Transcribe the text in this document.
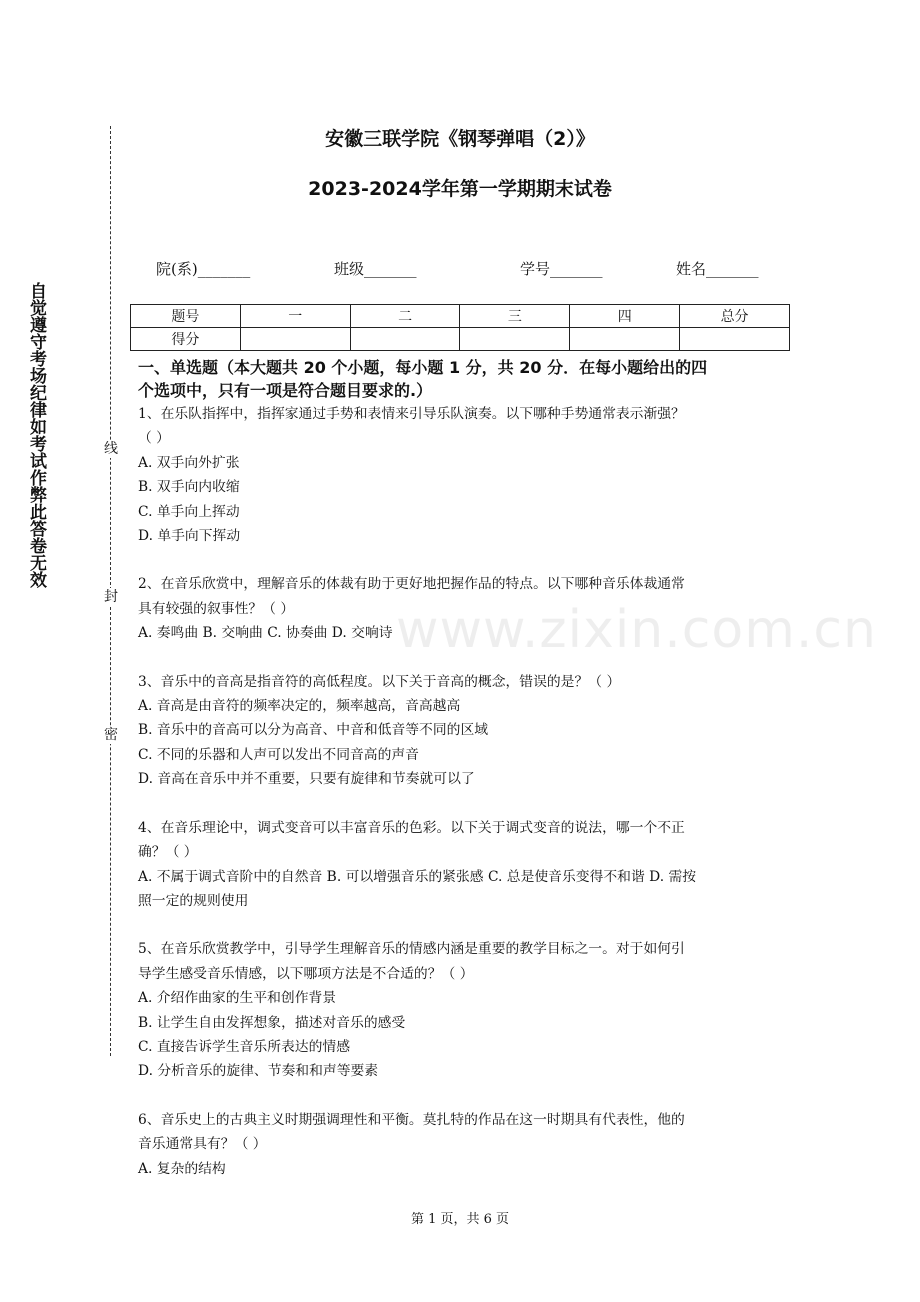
自觉遵守考场纪律如考试作弊此答卷无效	线
封
密
安徽三联学院《钢琴弹唱（2）》
2023-2024学年第一学期期末试卷
院(系)_______	班级_______	学号_______	姓名_______
题号	一	二	三	四	总分
得分					

一、单选题（本大题共 20 个小题，每小题 1 分，共 20 分．在每小题给出的四

个选项中，只有一项是符合题目要求的.）

1、在乐队指挥中，指挥家通过手势和表情来引导乐队演奏。以下哪种手势通常表示渐强？

（ ）

A. 双手向外扩张

B. 双手向内收缩

C. 单手向上挥动

D. 单手向下挥动

2、在音乐欣赏中，理解音乐的体裁有助于更好地把握作品的特点。以下哪种音乐体裁通常

具有较强的叙事性？（ ）

A. 奏鸣曲 B. 交响曲 C. 协奏曲 D. 交响诗

3、音乐中的音高是指音符的高低程度。以下关于音高的概念，错误的是？（ ）

A. 音高是由音符的频率决定的，频率越高，音高越高

B. 音乐中的音高可以分为高音、中音和低音等不同的区域

C. 不同的乐器和人声可以发出不同音高的声音

D. 音高在音乐中并不重要，只要有旋律和节奏就可以了

4、在音乐理论中，调式变音可以丰富音乐的色彩。以下关于调式变音的说法，哪一个不正

确？（ ）

A. 不属于调式音阶中的自然音 B. 可以增强音乐的紧张感 C. 总是使音乐变得不和谐 D. 需按

照一定的规则使用

5、在音乐欣赏教学中，引导学生理解音乐的情感内涵是重要的教学目标之一。对于如何引

导学生感受音乐情感，以下哪项方法是不合适的？（ ）

A. 介绍作曲家的生平和创作背景

B. 让学生自由发挥想象，描述对音乐的感受

C. 直接告诉学生音乐所表达的情感

D. 分析音乐的旋律、节奏和和声等要素

6、音乐史上的古典主义时期强调理性和平衡。莫扎特的作品在这一时期具有代表性，他的

音乐通常具有？（ ）

A. 复杂的结构

www.zixin.com.cn
第 1 页，共 6 页
